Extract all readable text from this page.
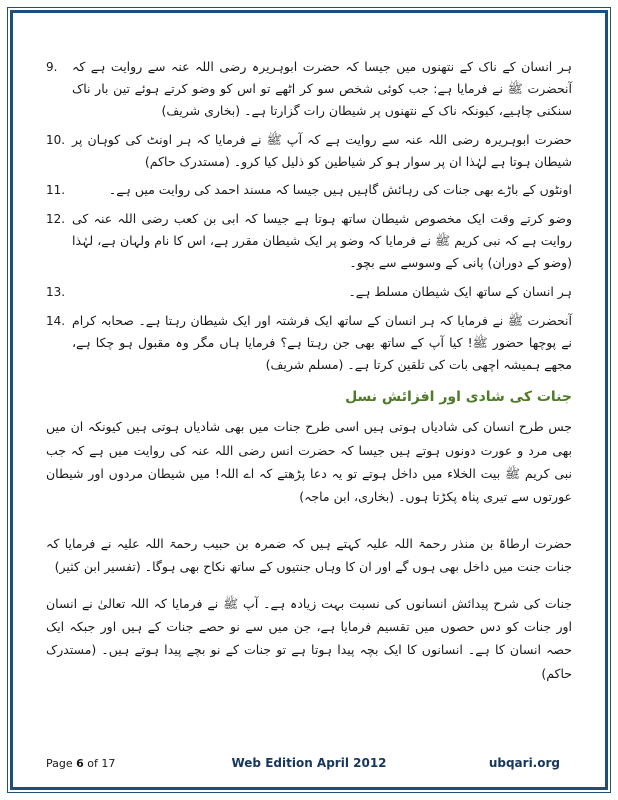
9. ہر انسان کے ناک کے نتھنوں میں جیسا کہ حضرت ابوہریرہ رضی اللہ عنہ سے روایت ہے کہ آنحضرت ﷺ نے فرمایا ہے: جب کوئی شخص سو کر اٹھے تو اس کو وضو کرتے ہوئے تین بار ناک سنکنی چاہیے، کیونکہ ناک کے نتھنوں پر شیطان رات گزارتا ہے۔ (بخاری شریف)
10. حضرت ابوہریرہ رضی اللہ عنہ سے روایت ہے کہ آپ ﷺ نے فرمایا کہ ہر اونٹ کی کوہان پر شیطان ہوتا ہے لہٰذا ان پر سوار ہو کر شیاطین کو ذلیل کیا کرو۔ (مستدرک حاکم)
11.	اونٹوں کے باڑے بھی جنات کی رہائش گاہیں ہیں جیسا کہ مسند احمد کی روایت میں ہے۔
12. وضو کرتے وقت ایک مخصوص شیطان ساتھ ہوتا ہے جیسا کہ ابی بن کعب رضی اللہ عنہ کی روایت ہے کہ نبی کریم ﷺ نے فرمایا کہ وضو پر ایک شیطان مقرر ہے، اس کا نام ولہان ہے، لہٰذا (وضو کے دوران) پانی کے وسوسے سے بچو۔
13.	ہر انسان کے ساتھ ایک شیطان مسلط ہے۔
14. آنحضرت ﷺ نے فرمایا کہ ہر انسان کے ساتھ ایک فرشتہ اور ایک شیطان رہتا ہے۔ صحابہ کرام نے پوچھا حضور ﷺ! کیا آپ کے ساتھ بھی جن رہتا ہے؟ فرمایا ہاں مگر وہ مقبول ہو چکا ہے، مجھے ہمیشہ اچھی بات کی تلقین کرتا ہے۔ (مسلم شریف)
جنات کی شادی اور افزائش نسل

جس طرح انسان کی شادیاں ہوتی ہیں اسی طرح جنات میں بھی شادیاں ہوتی ہیں کیونکہ ان میں بھی مرد و عورت دونوں ہوتے ہیں جیسا کہ حضرت انس رضی اللہ عنہ کی روایت میں ہے کہ جب نبی کریم ﷺ بیت الخلاء میں داخل ہوتے تو یہ دعا پڑھتے کہ اے اللہ! میں شیطان مردوں اور شیطان عورتوں سے تیری پناہ پکڑتا ہوں۔ (بخاری، ابن ماجہ)

حضرت ارطاۃ بن منذر رحمۃ اللہ علیہ کہتے ہیں کہ ضمرہ بن حبیب رحمۃ اللہ علیہ نے فرمایا کہ جنات جنت میں داخل بھی ہوں گے اور ان کا وہاں جنتیوں کے ساتھ نکاح بھی ہوگا۔ (تفسیر ابن کثیر)

جنات کی شرح پیدائش انسانوں کی نسبت بہت زیادہ ہے۔ آپ ﷺ نے فرمایا کہ اللہ تعالیٰ نے انسان اور جنات کو دس حصوں میں تقسیم فرمایا ہے، جن میں سے نو حصے جنات کے ہیں اور جبکہ ایک حصہ انسان کا ہے۔ انسانوں کا ایک بچہ پیدا ہوتا ہے تو جنات کے نو بچے پیدا ہوتے ہیں۔ (مستدرک حاکم)

Page 6 of 17	Web Edition April 2012	ubqari.org
